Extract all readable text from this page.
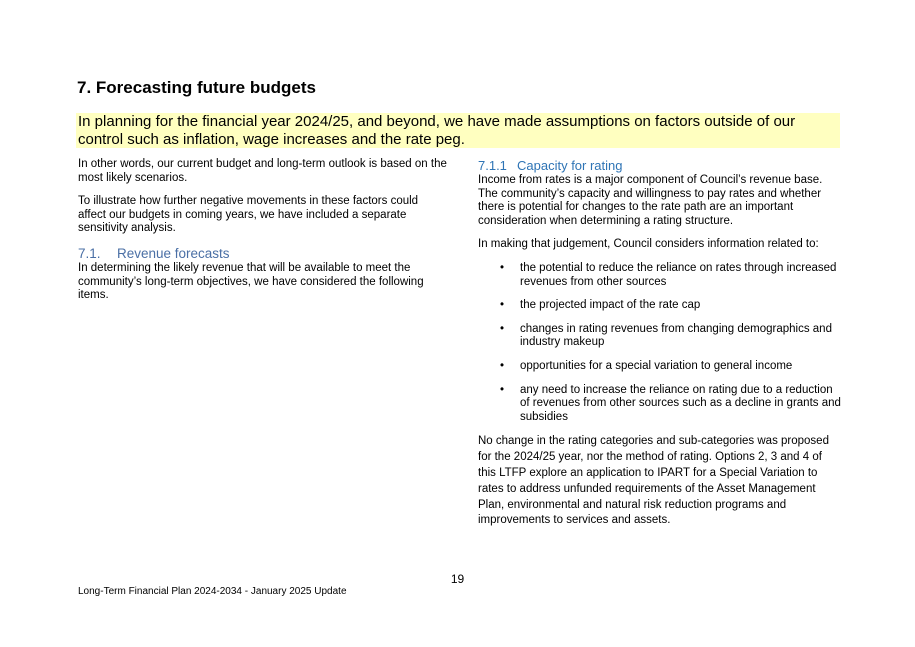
7. Forecasting future budgets

In planning for the financial year 2024/25, and beyond, we have made assumptions on factors outside of our control such as inflation, wage increases and the rate peg.

In other words, our current budget and long-term outlook is based on the most likely scenarios.

To illustrate how further negative movements in these factors could affect our budgets in coming years, we have included a separate sensitivity analysis.

7.1. Revenue forecasts

In determining the likely revenue that will be available to meet the community’s long-term objectives, we have considered the following items.

7.1.1 Capacity for rating

Income from rates is a major component of Council’s revenue base. The community’s capacity and willingness to pay rates and whether there is potential for changes to the rate path are an important consideration when determining a rating structure.

In making that judgement, Council considers information related to:

• the potential to reduce the reliance on rates through increased revenues from other sources
• the projected impact of the rate cap
• changes in rating revenues from changing demographics and industry makeup
• opportunities for a special variation to general income
• any need to increase the reliance on rating due to a reduction of revenues from other sources such as a decline in grants and subsidies

No change in the rating categories and sub-categories was proposed for the 2024/25 year, nor the method of rating. Options 2, 3 and 4 of this LTFP explore an application to IPART for a Special Variation to rates to address unfunded requirements of the Asset Management Plan, environmental and natural risk reduction programs and improvements to services and assets.

19
Long-Term Financial Plan 2024-2034 - January 2025 Update
